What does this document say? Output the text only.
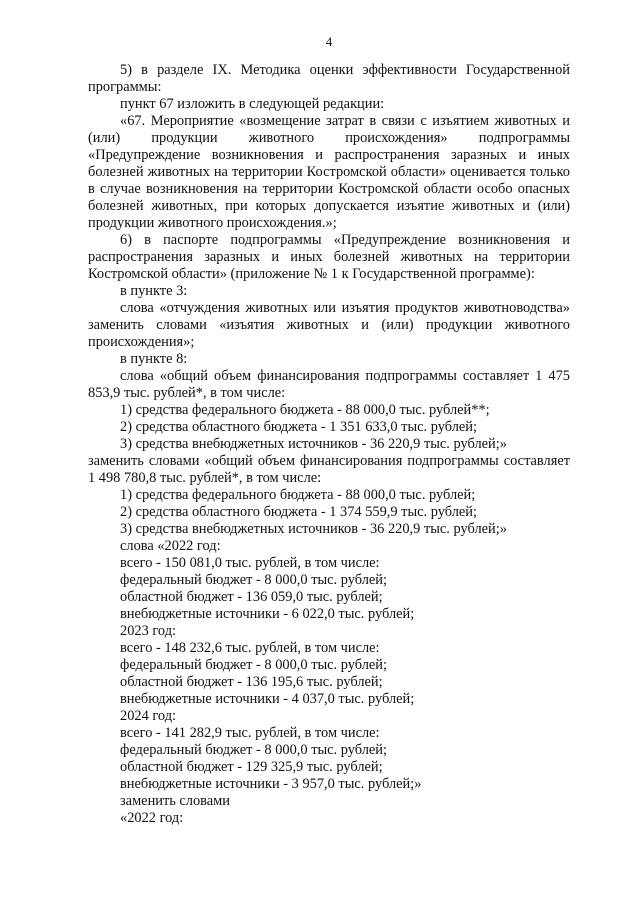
4

5) в разделе IX. Методика оценки эффективности Государственной программы:

пункт 67 изложить в следующей редакции:

«67. Мероприятие «возмещение затрат в связи с изъятием животных и (или) продукции животного происхождения» подпрограммы «Предупреждение возникновения и распространения заразных и иных болезней животных на территории Костромской области» оценивается только в случае возникновения на территории Костромской области особо опасных болезней животных, при которых допускается изъятие животных и (или) продукции животного происхождения.»;

6) в паспорте подпрограммы «Предупреждение возникновения и распространения заразных и иных болезней животных на территории Костромской области» (приложение № 1 к Государственной программе):

в пункте 3:

слова «отчуждения животных или изъятия продуктов животноводства» заменить словами «изъятия животных и (или) продукции животного происхождения»;

в пункте 8:

слова «общий объем финансирования подпрограммы составляет 1 475 853,9 тыс. рублей*, в том числе:

1) средства федерального бюджета - 88 000,0 тыс. рублей**;

2) средства областного бюджета - 1 351 633,0 тыс. рублей;

3) средства внебюджетных источников - 36 220,9 тыс. рублей;»

заменить словами «общий объем финансирования подпрограммы составляет 1 498 780,8 тыс. рублей*, в том числе:

1) средства федерального бюджета - 88 000,0 тыс. рублей;

2) средства областного бюджета - 1 374 559,9 тыс. рублей;

3) средства внебюджетных источников - 36 220,9 тыс. рублей;»

слова «2022 год:

всего - 150 081,0 тыс. рублей, в том числе:

федеральный бюджет - 8 000,0 тыс. рублей;

областной бюджет - 136 059,0 тыс. рублей;

внебюджетные источники - 6 022,0 тыс. рублей;

2023 год:

всего - 148 232,6 тыс. рублей, в том числе:

федеральный бюджет - 8 000,0 тыс. рублей;

областной бюджет - 136 195,6 тыс. рублей;

внебюджетные источники - 4 037,0 тыс. рублей;

2024 год:

всего - 141 282,9 тыс. рублей, в том числе:

федеральный бюджет - 8 000,0 тыс. рублей;

областной бюджет - 129 325,9 тыс. рублей;

внебюджетные источники - 3 957,0 тыс. рублей;»

заменить словами

«2022 год:
